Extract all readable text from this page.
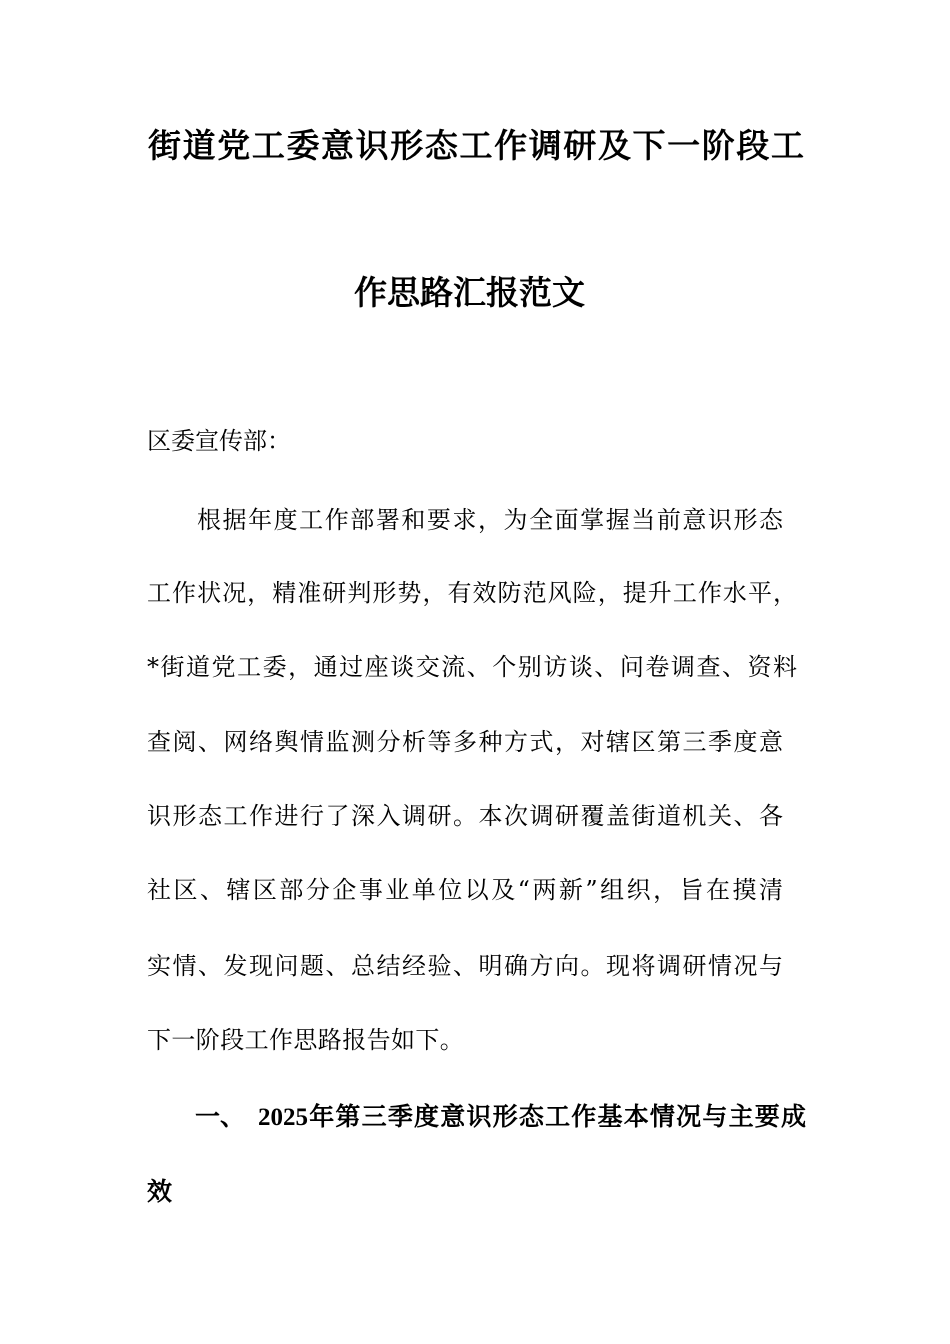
街道党工委意识形态工作调研及下一阶段工
作思路汇报范文
区委宣传部：
根据年度工作部署和要求，为全面掌握当前意识形态
工作状况，精准研判形势，有效防范风险，提升工作水平，
*街道党工委，通过座谈交流、个别访谈、问卷调查、资料
查阅、网络舆情监测分析等多种方式，对辖区第三季度意
识形态工作进行了深入调研。本次调研覆盖街道机关、各
社区、辖区部分企事业单位以及“两新”组织，旨在摸清
实情、发现问题、总结经验、明确方向。现将调研情况与
下一阶段工作思路报告如下。
一、 2025年第三季度意识形态工作基本情况与主要成
效
